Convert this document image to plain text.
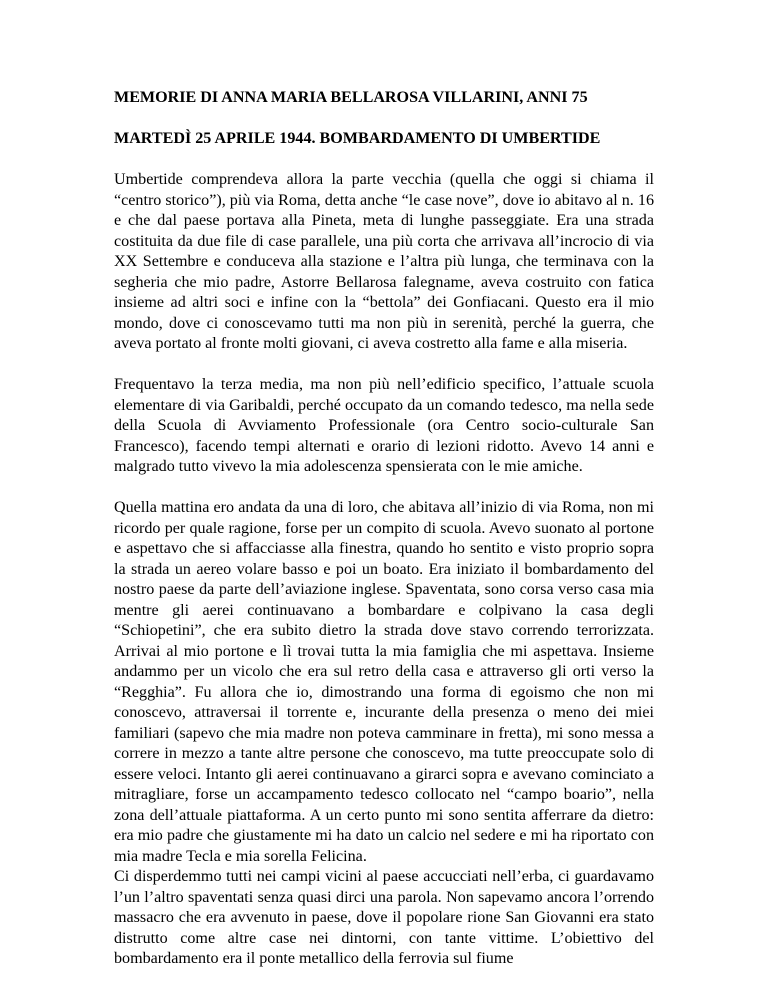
MEMORIE DI ANNA MARIA BELLAROSA VILLARINI, ANNI 75
MARTEDÌ 25 APRILE 1944. BOMBARDAMENTO DI UMBERTIDE

Umbertide comprendeva allora la parte vecchia (quella che oggi si chiama il “centro storico”), più via Roma, detta anche “le case nove”, dove io abitavo al n. 16 e che dal paese portava alla Pineta, meta di lunghe passeggiate. Era una strada costituita da due file di case parallele, una più corta che arrivava all’incrocio di via XX Settembre e conduceva alla stazione e l’altra più lunga, che terminava con la segheria che mio padre, Astorre Bellarosa falegname, aveva costruito con fatica insieme ad altri soci e infine con la “bettola” dei Gonfiacani. Questo era il mio mondo, dove ci conoscevamo tutti ma non più in serenità, perché la guerra, che aveva portato al fronte molti giovani, ci aveva costretto alla fame e alla miseria.

Frequentavo la terza media, ma non più nell’edificio specifico, l’attuale scuola elementare di via Garibaldi, perché occupato da un comando tedesco, ma nella sede della Scuola di Avviamento Professionale (ora Centro socio-culturale San Francesco), facendo tempi alternati e orario di lezioni ridotto. Avevo 14 anni e malgrado tutto vivevo la mia adolescenza spensierata con le mie amiche.

Quella mattina ero andata da una di loro, che abitava all’inizio di via Roma, non mi ricordo per quale ragione, forse per un compito di scuola. Avevo suonato al portone e aspettavo che si affacciasse alla finestra, quando ho sentito e visto proprio sopra la strada un aereo volare basso e poi un boato. Era iniziato il bombardamento del nostro paese da parte dell’aviazione inglese. Spaventata, sono corsa verso casa mia mentre gli aerei continuavano a bombardare e colpivano la casa degli “Schiopetini”, che era subito dietro la strada dove stavo correndo terrorizzata. Arrivai al mio portone e lì trovai tutta la mia famiglia che mi aspettava. Insieme andammo per un vicolo che era sul retro della casa e attraverso gli orti verso la “Regghia”. Fu allora che io, dimostrando una forma di egoismo che non mi conoscevo, attraversai il torrente e, incurante della presenza o meno dei miei familiari (sapevo che mia madre non poteva camminare in fretta), mi sono messa a correre in mezzo a tante altre persone che conoscevo, ma tutte preoccupate solo di essere veloci. Intanto gli aerei continuavano a girarci sopra e avevano cominciato a mitragliare, forse un accampamento tedesco collocato nel “campo boario”, nella zona dell’attuale piattaforma. A un certo punto mi sono sentita afferrare da dietro: era mio padre che giustamente mi ha dato un calcio nel sedere e mi ha riportato con mia madre Tecla e mia sorella Felicina.

Ci disperdemmo tutti nei campi vicini al paese accucciati nell’erba, ci guardavamo l’un l’altro spaventati senza quasi dirci una parola. Non sapevamo ancora l’orrendo massacro che era avvenuto in paese, dove il popolare rione San Giovanni era stato distrutto come altre case nei dintorni, con tante vittime. L’obiettivo del bombardamento era il ponte metallico della ferrovia sul fiume
